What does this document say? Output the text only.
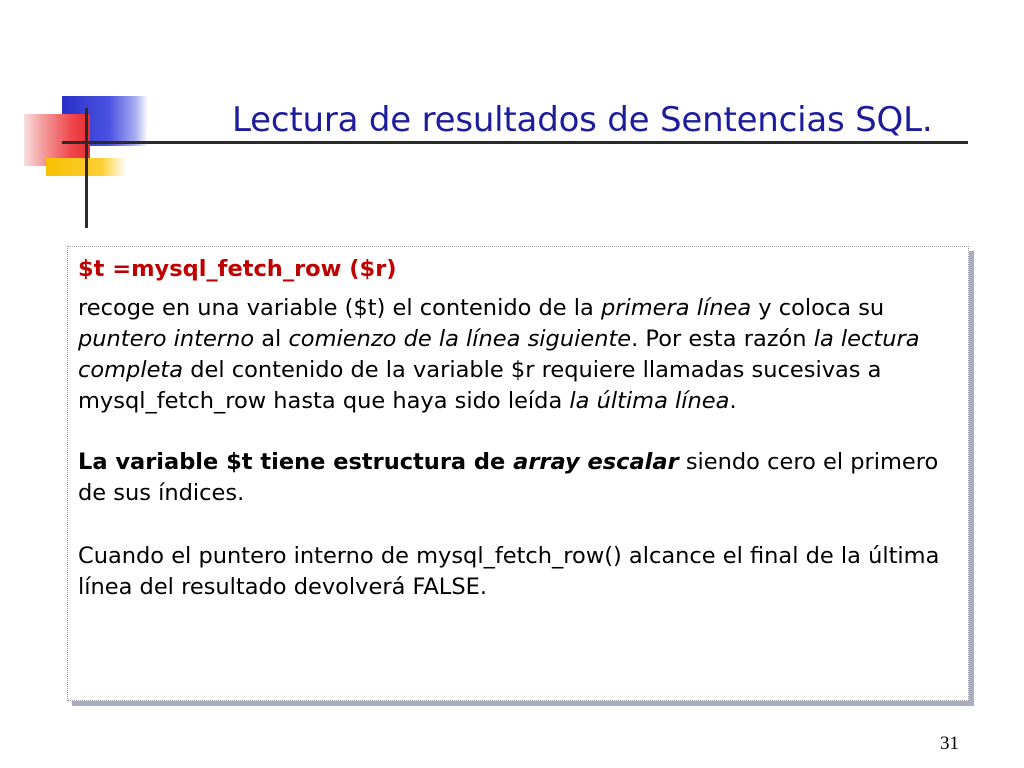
Lectura de resultados de Sentencias SQL.

$t =mysql_fetch_row ($r)

recoge en una variable ($t) el contenido de la primera línea y coloca su puntero interno al comienzo de la línea siguiente. Por esta razón la lectura completa del contenido de la variable $r requiere llamadas sucesivas a mysql_fetch_row hasta que haya sido leída la última línea.

La variable $t tiene estructura de array escalar siendo cero el primero de sus índices.

Cuando el puntero interno de mysql_fetch_row() alcance el final de la última línea del resultado devolverá FALSE.

31
